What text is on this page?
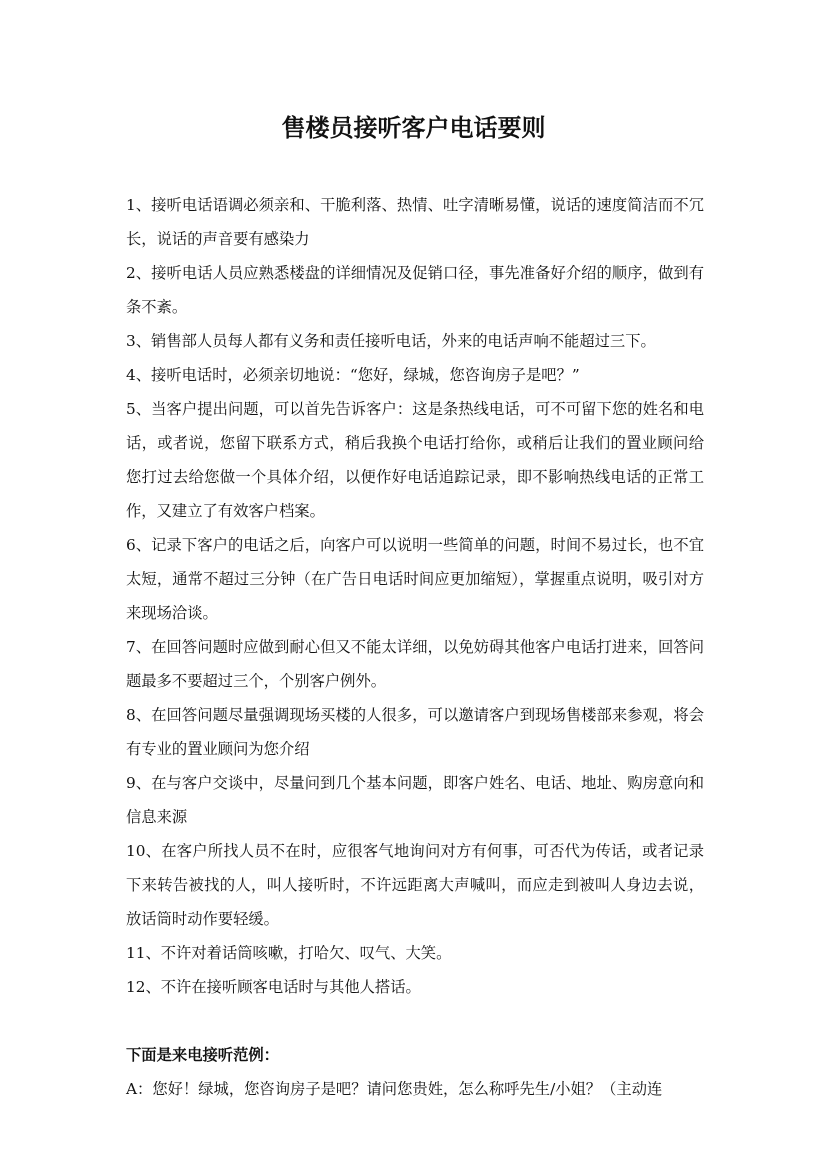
售楼员接听客户电话要则

1、接听电话语调必须亲和、干脆利落、热情、吐字清晰易懂，说话的速度简洁而不冗长，说话的声音要有感染力

2、接听电话人员应熟悉楼盘的详细情况及促销口径，事先准备好介绍的顺序，做到有条不紊。

3、销售部人员每人都有义务和责任接听电话，外来的电话声响不能超过三下。

4、接听电话时，必须亲切地说：“您好，绿城，您咨询房子是吧？”

5、当客户提出问题，可以首先告诉客户：这是条热线电话，可不可留下您的姓名和电话，或者说，您留下联系方式，稍后我换个电话打给你，或稍后让我们的置业顾问给您打过去给您做一个具体介绍，以便作好电话追踪记录，即不影响热线电话的正常工作，又建立了有效客户档案。

6、记录下客户的电话之后，向客户可以说明一些简单的问题，时间不易过长，也不宜太短，通常不超过三分钟（在广告日电话时间应更加缩短），掌握重点说明，吸引对方来现场洽谈。

7、在回答问题时应做到耐心但又不能太详细，以免妨碍其他客户电话打进来，回答问题最多不要超过三个，个别客户例外。

8、在回答问题尽量强调现场买楼的人很多，可以邀请客户到现场售楼部来参观，将会有专业的置业顾问为您介绍

9、在与客户交谈中，尽量问到几个基本问题，即客户姓名、电话、地址、购房意向和信息来源

10、在客户所找人员不在时，应很客气地询问对方有何事，可否代为传话，或者记录下来转告被找的人，叫人接听时，不许远距离大声喊叫，而应走到被叫人身边去说，放话筒时动作要轻缓。

11、不许对着话筒咳嗽，打哈欠、叹气、大笑。

12、不许在接听顾客电话时与其他人搭话。

下面是来电接听范例：

A：您好！绿城，您咨询房子是吧？请问您贵姓，怎么称呼先生/小姐？（主动连
